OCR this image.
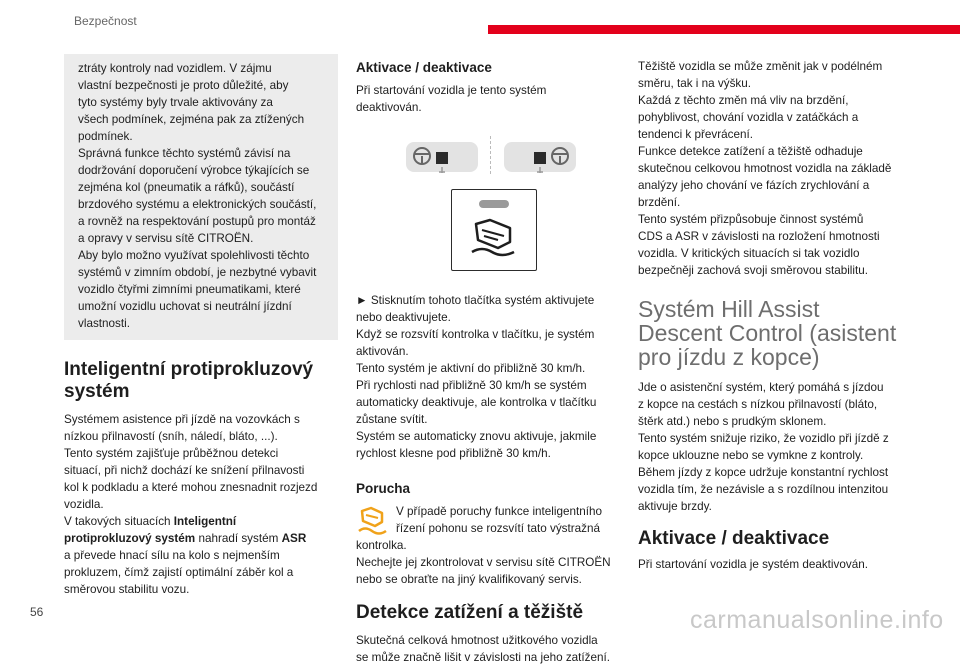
Bezpečnost

ztráty kontroly nad vozidlem. V zájmu

vlastní bezpečnosti je proto důležité, aby

tyto systémy byly trvale aktivovány za

všech podmínek, zejména pak za ztížených

podmínek.

Správná funkce těchto systémů závisí na

dodržování doporučení výrobce týkajících se

zejména kol (pneumatik a ráfků), součástí

brzdového systému a elektronických součástí,

a rovněž na respektování postupů pro montáž

a opravy v servisu sítě CITROËN.

Aby bylo možno využívat spolehlivosti těchto

systémů v zimním období, je nezbytné vybavit

vozidlo čtyřmi zimními pneumatikami, které

umožní vozidlu uchovat si neutrální jízdní

vlastnosti.

Inteligentní protiprokluzový
systém

Systémem asistence při jízdě na vozovkách s

nízkou přilnavostí (sníh, náledí, bláto, ...).

Tento systém zajišťuje průběžnou detekci

situací, při nichž dochází ke snížení přilnavosti

kol k podkladu a které mohou znesnadnit rozjezd

vozidla.

V takových situacích Inteligentní

protiprokluzový systém nahradí systém ASR

a převede hnací sílu na kolo s nejmenším

prokluzem, čímž zajistí optimální záběr kol a

směrovou stabilitu vozu.

Aktivace / deaktivace

Při startování vozidla je tento systém

deaktivován.

► Stisknutím tohoto tlačítka systém aktivujete

nebo deaktivujete.

Když se rozsvítí kontrolka v tlačítku, je systém

aktivován.

Tento systém je aktivní do přibližně 30 km/h.

Při rychlosti nad přibližně 30 km/h se systém

automaticky deaktivuje, ale kontrolka v tlačítku

zůstane svítit.

Systém se automaticky znovu aktivuje, jakmile

rychlost klesne pod přibližně 30 km/h.

Porucha

V případě poruchy funkce inteligentního

řízení pohonu se rozsvítí tato výstražná

kontrolka.

Nechejte jej zkontrolovat v servisu sítě CITROËN

nebo se obraťte na jiný kvalifikovaný servis.

Detekce zatížení a těžiště

Skutečná celková hmotnost užitkového vozidla

se může značně lišit v závislosti na jeho zatížení.

Těžiště vozidla se může změnit jak v podélném

směru, tak i na výšku.

Každá z těchto změn má vliv na brzdění,

pohyblivost, chování vozidla v zatáčkách a

tendenci k převrácení.

Funkce detekce zatížení a těžiště odhaduje

skutečnou celkovou hmotnost vozidla na základě

analýzy jeho chování ve fázích zrychlování a

brzdění.

Tento systém přizpůsobuje činnost systémů

CDS a ASR v závislosti na rozložení hmotnosti

vozidla. V kritických situacích si tak vozidlo

bezpečněji zachová svoji směrovou stabilitu.

Systém Hill Assist
Descent Control (asistent
pro jízdu z kopce)

Jde o asistenční systém, který pomáhá s jízdou

z kopce na cestách s nízkou přilnavostí (bláto,

štěrk atd.) nebo s prudkým sklonem.

Tento systém snižuje riziko, že vozidlo při jízdě z

kopce uklouzne nebo se vymkne z kontroly.

Během jízdy z kopce udržuje konstantní rychlost

vozidla tím, že nezávisle a s rozdílnou intenzitou

aktivuje brzdy.

Aktivace / deaktivace

Při startování vozidla je systém deaktivován.

56	carmanualsonline.info
